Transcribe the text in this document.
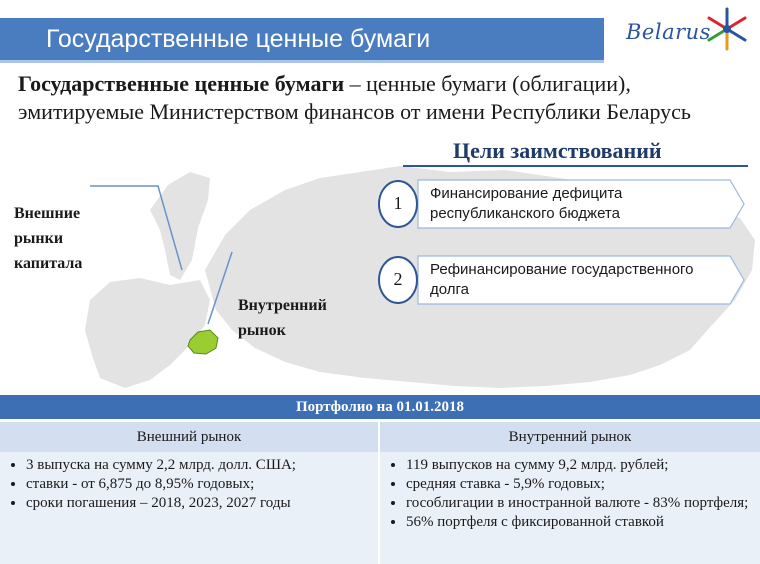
Государственные ценные бумаги	Belarus
Государственные ценные бумаги – ценные бумаги (облигации), эмитируемые Министерством финансов от имени Республики Беларусь
Внешние рынки капитала
Внутренний рынок
Цели заимствований
1	Финансирование дефицита республиканского бюджета
2	Рефинансирование государственного долга
Портфолио на 01.01.2018
Внешний рынок	Внутренний рынок
• 3 выпуска на сумму 2,2 млрд. долл. США;
• ставки - от 6,875 до 8,95% годовых;
• сроки погашения – 2018, 2023, 2027 годы
• 119 выпусков на сумму 9,2 млрд. рублей;
• средняя ставка - 5,9% годовых;
• гособлигации в иностранной валюте - 83% портфеля;
• 56% портфеля с фиксированной ставкой
